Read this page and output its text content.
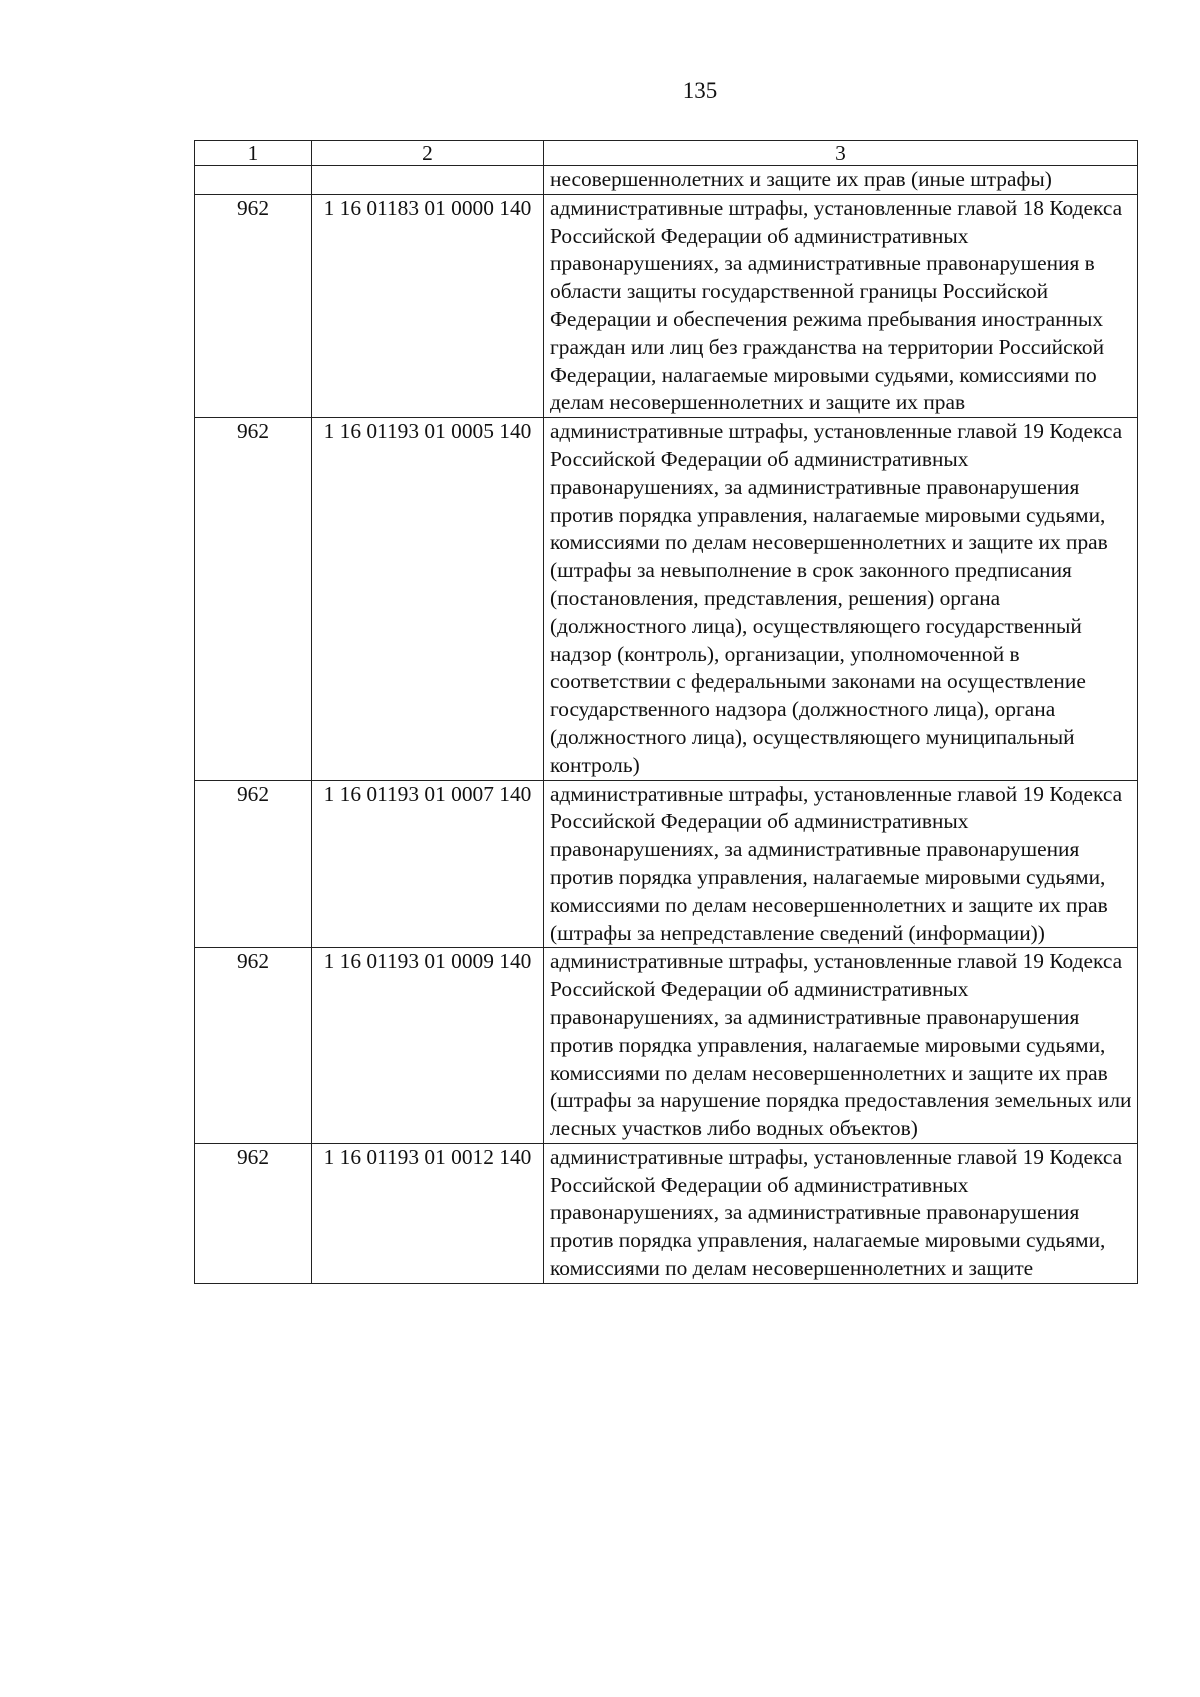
135
1	2	3
		несовершеннолетних и защите их прав (иные штрафы)
962	1 16 01183 01 0000 140	административные штрафы, установленные главой 18 Кодекса Российской Федерации об административных правонарушениях, за административные правонарушения в области защиты государственной границы Российской Федерации и обеспечения режима пребывания иностранных граждан или лиц без гражданства на территории Российской Федерации, налагаемые мировыми судьями, комиссиями по делам несовершеннолетних и защите их прав
962	1 16 01193 01 0005 140	административные штрафы, установленные главой 19 Кодекса Российской Федерации об административных правонарушениях, за административные правонарушения против порядка управления, налагаемые мировыми судьями, комиссиями по делам несовершеннолетних и защите их прав (штрафы за невыполнение в срок законного предписания (постановления, представления, решения) органа (должностного лица), осуществляющего государственный надзор (контроль), организации, уполномоченной в соответствии с федеральными законами на осуществление государственного надзора (должностного лица), органа (должностного лица), осуществляющего муниципальный контроль)
962	1 16 01193 01 0007 140	административные штрафы, установленные главой 19 Кодекса Российской Федерации об административных правонарушениях, за административные правонарушения против порядка управления, налагаемые мировыми судьями, комиссиями по делам несовершеннолетних и защите их прав (штрафы за непредставление сведений (информации))
962	1 16 01193 01 0009 140	административные штрафы, установленные главой 19 Кодекса Российской Федерации об административных правонарушениях, за административные правонарушения против порядка управления, налагаемые мировыми судьями, комиссиями по делам несовершеннолетних и защите их прав (штрафы за нарушение порядка предоставления земельных или лесных участков либо водных объектов)
962	1 16 01193 01 0012 140	административные штрафы, установленные главой 19 Кодекса Российской Федерации об административных правонарушениях, за административные правонарушения против порядка управления, налагаемые мировыми судьями, комиссиями по делам несовершеннолетних и защите
